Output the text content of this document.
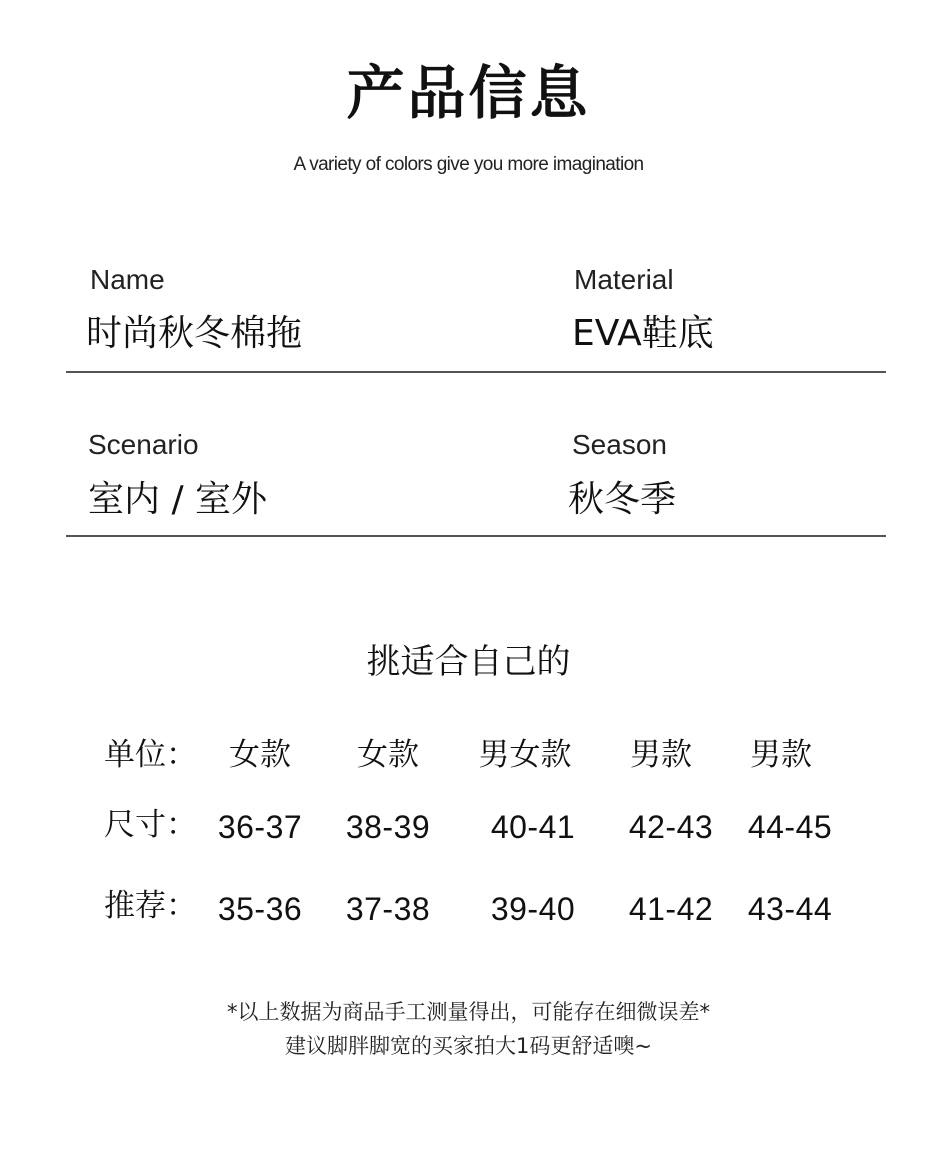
产品信息
A variety of colors give you more imagination
Name
时尚秋冬棉拖
Material
EVA鞋底
Scenario
室内 / 室外
Season
秋冬季
挑适合自己的
单位：	女款	女款	男女款	男款	男款
尺寸： 36-37	38-39	40-41	42-43	44-45
推荐： 35-36	37-38	39-40	41-42	43-44
*以上数据为商品手工测量得出，可能存在细微误差*
建议脚胖脚宽的买家拍大1码更舒适噢~
